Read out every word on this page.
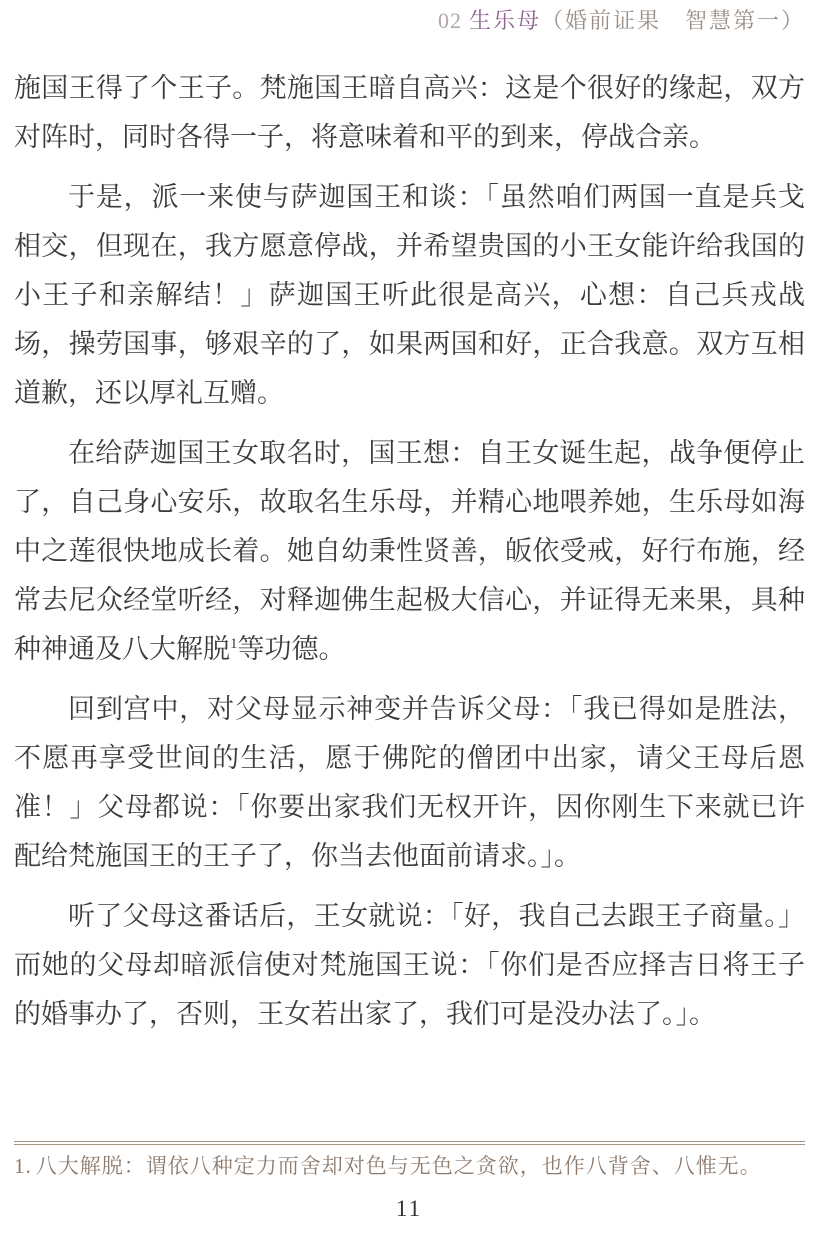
02 生乐母（婚前证果　智慧第一）

施国王得了个王子。梵施国王暗自高兴：这是个很好的缘起，双方对阵时，同时各得一子，将意味着和平的到来，停战合亲。

于是，派一来使与萨迦国王和谈：「虽然咱们两国一直是兵戈相交，但现在，我方愿意停战，并希望贵国的小王女能许给我国的小王子和亲解结！」萨迦国王听此很是高兴，心想：自己兵戎战场，操劳国事，够艰辛的了，如果两国和好，正合我意。双方互相道歉，还以厚礼互赠。

在给萨迦国王女取名时，国王想：自王女诞生起，战争便停止了，自己身心安乐，故取名生乐母，并精心地喂养她，生乐母如海中之莲很快地成长着。她自幼秉性贤善，皈依受戒，好行布施，经常去尼众经堂听经，对释迦佛生起极大信心，并证得无来果，具种种神通及八大解脱$^1$等功德。

回到宫中，对父母显示神变并告诉父母：「我已得如是胜法，不愿再享受世间的生活，愿于佛陀的僧团中出家，请父王母后恩准！」父母都说：「你要出家我们无权开许，因你刚生下来就已许配给梵施国王的王子了，你当去他面前请求。」。

听了父母这番话后，王女就说：「好，我自己去跟王子商量。」而她的父母却暗派信使对梵施国王说：「你们是否应择吉日将王子的婚事办了，否则，王女若出家了，我们可是没办法了。」。

1. 八大解脱：谓依八种定力而舍却对色与无色之贪欲，也作八背舍、八惟无。
11
